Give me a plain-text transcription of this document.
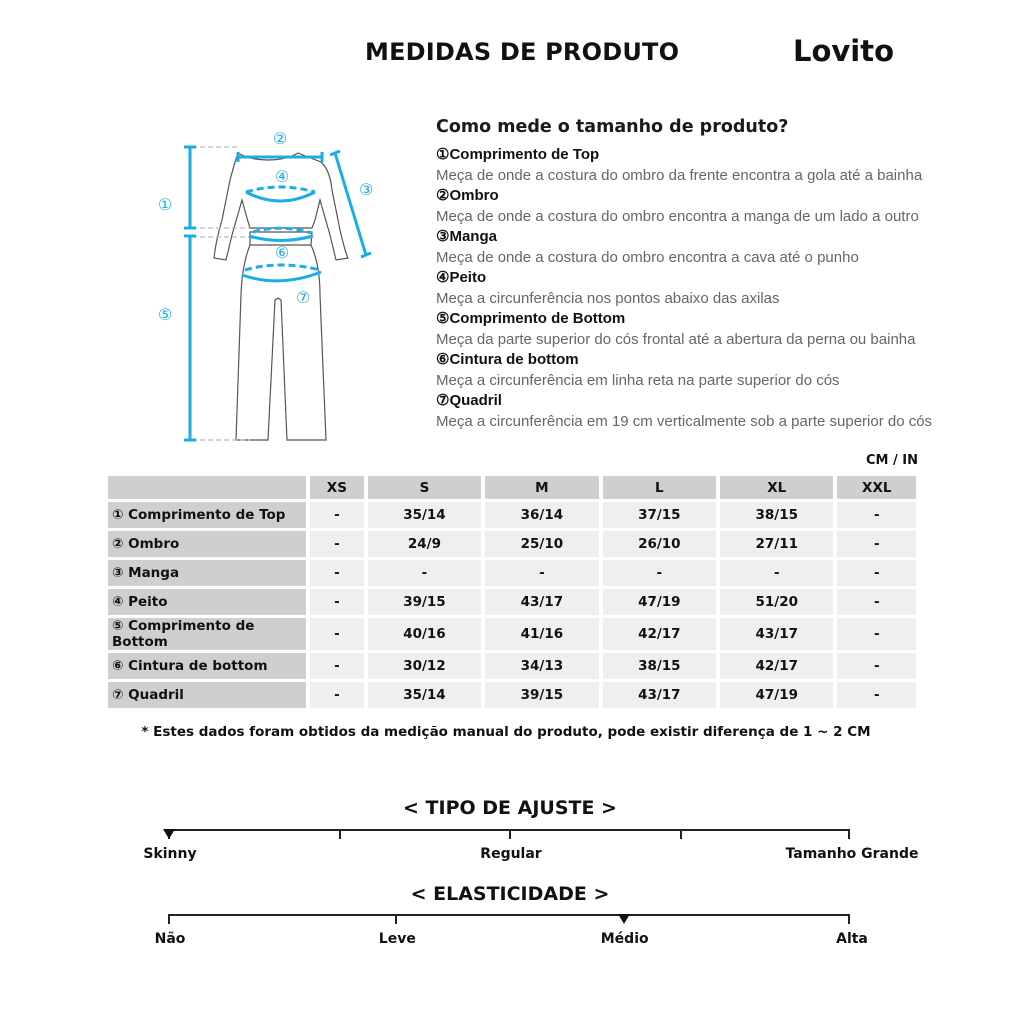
MEDIDAS DE PRODUTO	Lovito
①
②
③
④
⑤
⑥
⑦
Como mede o tamanho de produto?
①Comprimento de Top
Meça de onde a costura do ombro da frente encontra a gola até a bainha
②Ombro
Meça de onde a costura do ombro encontra a manga de um lado a outro
③Manga
Meça de onde a costura do ombro encontra a cava até o punho
④Peito
Meça a circunferência nos pontos abaixo das axilas
⑤Comprimento de Bottom
Meça da parte superior do cós frontal até a abertura da perna ou bainha
⑥Cintura de bottom
Meça a circunferência em linha reta na parte superior do cós
⑦Quadril
Meça a circunferência em 19 cm verticalmente sob a parte superior do cós
CM / IN
	XS	S	M	L	XL	XXL
① Comprimento de Top	-	35/14	36/14	37/15	38/15	-
② Ombro	-	24/9	25/10	26/10	27/11	-
③ Manga	-	-	-	-	-	-
④ Peito	-	39/15	43/17	47/19	51/20	-
⑤ Comprimento de Bottom	-	40/16	41/16	42/17	43/17	-
⑥ Cintura de bottom	-	30/12	34/13	38/15	42/17	-
⑦ Quadril	-	35/14	39/15	43/17	47/19	-
* Estes dados foram obtidos da medição manual do produto, pode existir diferença de 1 ~ 2 CM
< TIPO DE AJUSTE >
< ELASTICIDADE >
Skinny	Regular	Tamanho Grande
Não	Leve	Médio	Alta
